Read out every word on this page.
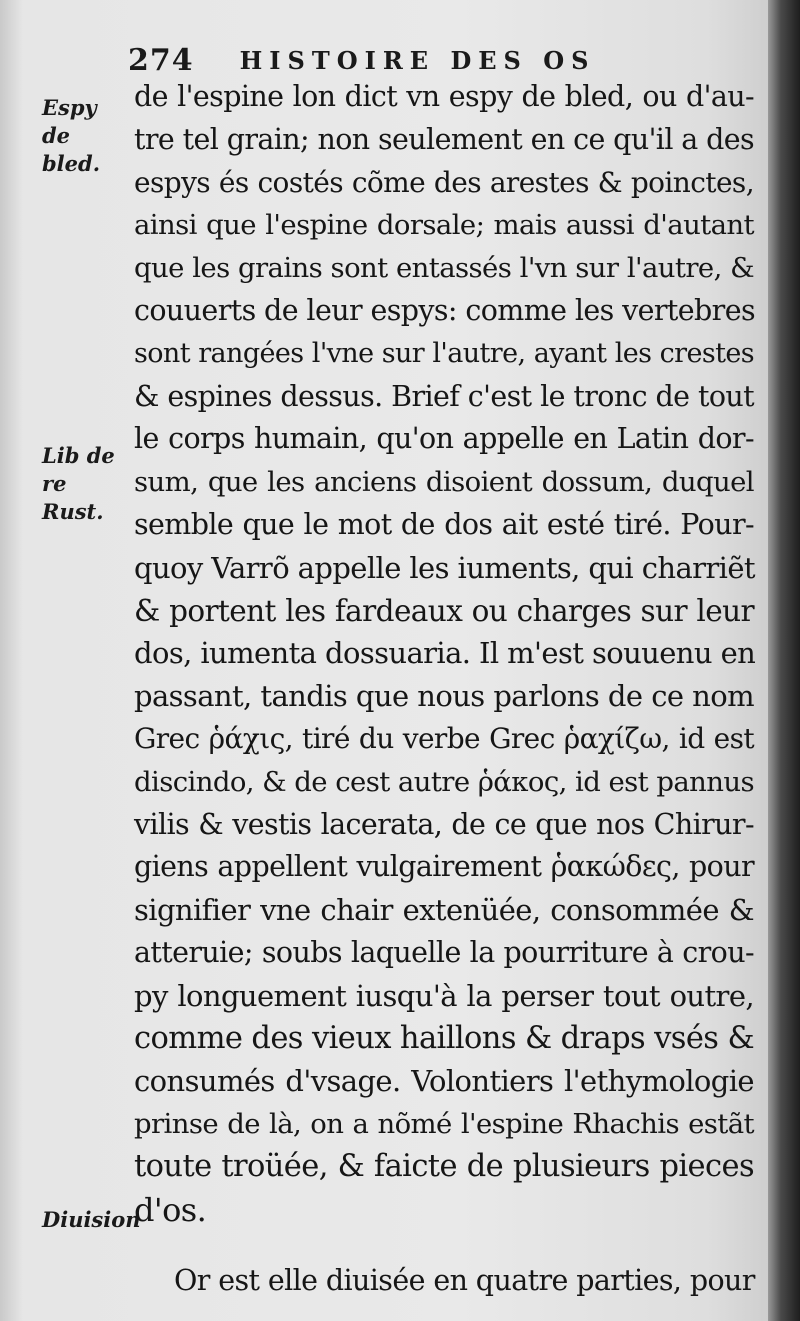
274 HISTOIRE DES OS
Espy de bled.
Lib de re Rust.
Diuision
de l'espine lon dict vn espy de bled, ou d'au-
tre tel grain; non seulement en ce qu'il a des
espys és costés cõme des arestes & poinctes,
ainsi que l'espine dorsale; mais aussi d'autant
que les grains sont entassés l'vn sur l'autre, &
couuerts de leur espys: comme les vertebres
sont rangées l'vne sur l'autre, ayant les crestes
& espines dessus. Brief c'est le tronc de tout
le corps humain, qu'on appelle en Latin dor-
sum, que les anciens disoient dossum, duquel
semble que le mot de dos ait esté tiré. Pour-
quoy Varrõ appelle les iuments, qui charriẽt
& portent les fardeaux ou charges sur leur
dos, iumenta dossuaria. Il m'est souuenu en
passant, tandis que nous parlons de ce nom
Grec ῥάχις, tiré du verbe Grec ῥαχίζω, id est
discindo, & de cest autre ῥάκος, id est pannus
vilis & vestis lacerata, de ce que nos Chirur-
giens appellent vulgairement ῥακώδες, pour
signifier vne chair extenüée, consommée &
atteruie; soubs laquelle la pourriture à crou-
py longuement iusqu'à la perser tout outre,
comme des vieux haillons & draps vsés &
consumés d'vsage. Volontiers l'ethymologie
prinse de là, on a nõmé l'espine Rhachis estãt
toute troüée, & faicte de plusieurs pieces
d'os.
Or est elle diuisée en quatre parties, pour
